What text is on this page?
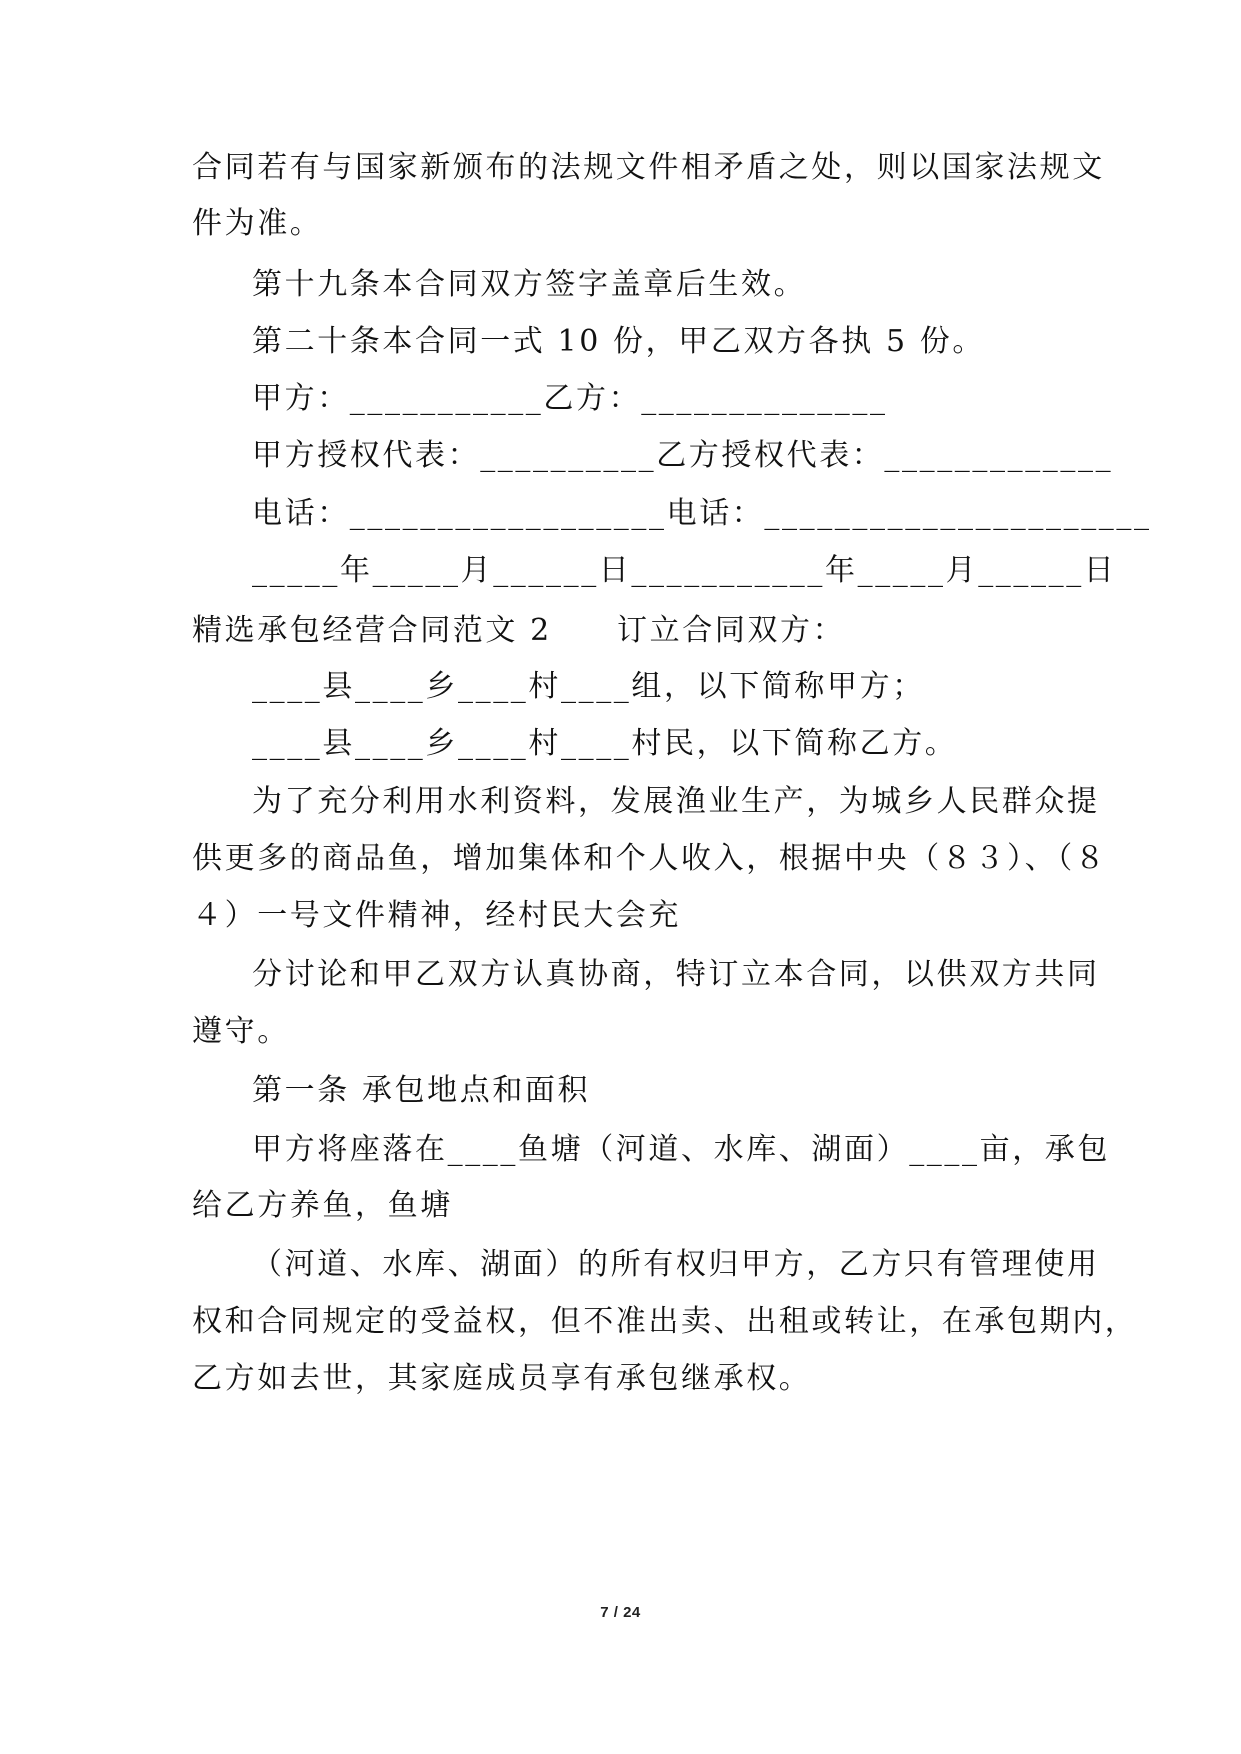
合同若有与国家新颁布的法规文件相矛盾之处，则以国家法规文
件为准。
第十九条本合同双方签字盖章后生效。
第二十条本合同一式 10 份，甲乙双方各执 5 份。
甲方：___________乙方：______________
甲方授权代表：__________乙方授权代表：_____________
电话：__________________电话：______________________
_____年_____月______日___________年_____月______日
精选承包经营合同范文 2　　订立合同双方：
____县____乡____村____组，以下简称甲方；
____县____乡____村____村民，以下简称乙方。
为了充分利用水利资料，发展渔业生产，为城乡人民群众提
供更多的商品鱼，增加集体和个人收入，根据中央（８３）、（８
４）一号文件精神，经村民大会充
分讨论和甲乙双方认真协商，特订立本合同，以供双方共同
遵守。
第一条 承包地点和面积
甲方将座落在____鱼塘（河道、水库、湖面）____亩，承包
给乙方养鱼，鱼塘
（河道、水库、湖面）的所有权归甲方，乙方只有管理使用
权和合同规定的受益权，但不准出卖、出租或转让，在承包期内，
乙方如去世，其家庭成员享有承包继承权。
7 / 24
